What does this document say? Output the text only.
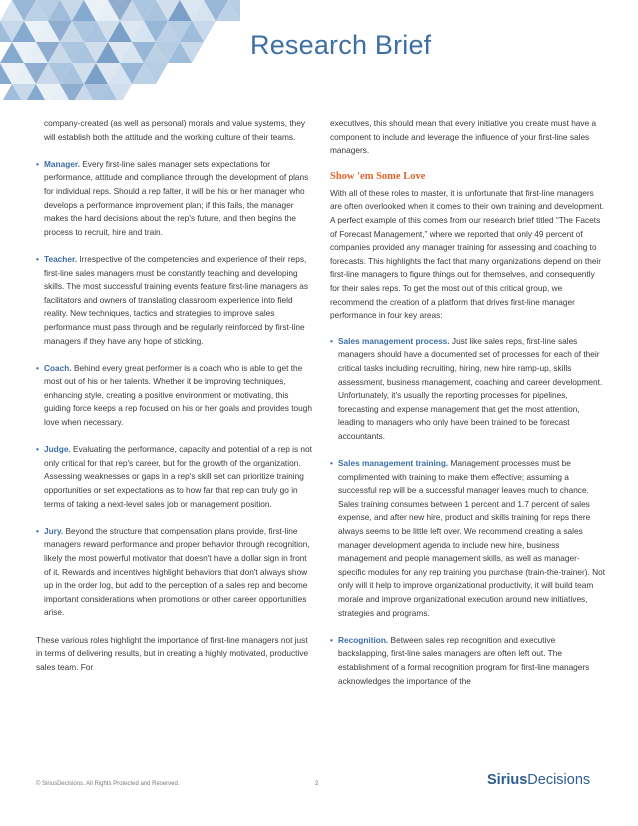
Research Brief

company-created (as well as personal) morals and value systems, they will establish both the attitude and the working culture of their teams.

• Manager. Every first-line sales manager sets expectations for performance, attitude and compliance through the development of plans for individual reps. Should a rep falter, it will be his or her manager who develops a performance improvement plan; if this fails, the manager makes the hard decisions about the rep's future, and then begins the process to recruit, hire and train.
• Teacher. Irrespective of the competencies and experience of their reps, first-line sales managers must be constantly teaching and developing skills. The most successful training events feature first-line managers as facilitators and owners of translating classroom experience into field reality. New techniques, tactics and strategies to improve sales performance must pass through and be regularly reinforced by first-line managers if they have any hope of sticking.
• Coach. Behind every great performer is a coach who is able to get the most out of his or her talents. Whether it be improving techniques, enhancing style, creating a positive environment or motivating, this guiding force keeps a rep focused on his or her goals and provides tough love when necessary.
• Judge. Evaluating the performance, capacity and potential of a rep is not only critical for that rep's career, but for the growth of the organization. Assessing weaknesses or gaps in a rep's skill set can prioritize training opportunities or set expectations as to how far that rep can truly go in terms of taking a next-level sales job or management position.
• Jury. Beyond the structure that compensation plans provide, first-line managers reward performance and proper behavior through recognition, likely the most powerful motivator that doesn't have a dollar sign in front of it. Rewards and incentives highlight behaviors that don't always show up in the order log, but add to the perception of a sales rep and become important considerations when promotions or other career opportunities arise.

These various roles highlight the importance of first-line managers not just in terms of delivering results, but in creating a highly motivated, productive sales team. For

executives, this should mean that every initiative you create must have a component to include and leverage the influence of your first-line sales managers.

Show 'em Some Love

With all of these roles to master, it is unfortunate that first-line managers are often overlooked when it comes to their own training and development. A perfect example of this comes from our research brief titled “The Facets of Forecast Management,” where we reported that only 49 percent of companies provided any manager training for assessing and coaching to forecasts. This highlights the fact that many organizations depend on their first-line managers to figure things out for themselves, and consequently for their sales reps. To get the most out of this critical group, we recommend the creation of a platform that drives first-line manager performance in four key areas:

• Sales management process. Just like sales reps, first-line sales managers should have a documented set of processes for each of their critical tasks including recruiting, hiring, new hire ramp-up, skills assessment, business management, coaching and career development. Unfortunately, it's usually the reporting processes for pipelines, forecasting and expense management that get the most attention, leading to managers who only have been trained to be forecast accountants.
• Sales management training. Management processes must be complimented with training to make them effective; assuming a successful rep will be a successful manager leaves much to chance. Sales training consumes between 1 percent and 1.7 percent of sales expense, and after new hire, product and skills training for reps there always seems to be little left over. We recommend creating a sales manager development agenda to include new hire, business management and people management skills, as well as manager-specific modules for any rep training you purchase (train-the-trainer). Not only will it help to improve organizational productivity, it will build team morale and improve organizational execution around new initiatives, strategies and programs.
• Recognition. Between sales rep recognition and executive backslapping, first-line sales managers are often left out. The establishment of a formal recognition program for first-line managers acknowledges the importance of the
© SiriusDecisions. All Rights Protected and Reserved.	2	SiriusDecisions
